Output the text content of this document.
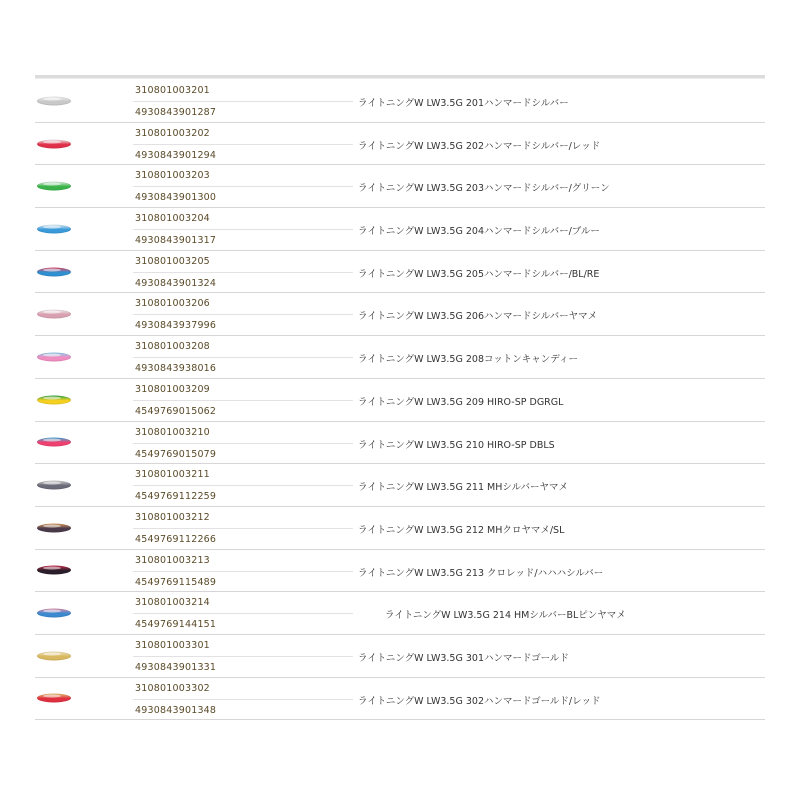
310801003201
4930843901287
ライトニングW LW3.5G 201ハンマードシルバー
310801003202
4930843901294
ライトニングW LW3.5G 202ハンマードシルバー/レッド
310801003203
4930843901300
ライトニングW LW3.5G 203ハンマードシルバー/グリーン
310801003204
4930843901317
ライトニングW LW3.5G 204ハンマードシルバー/ブルー
310801003205
4930843901324
ライトニングW LW3.5G 205ハンマードシルバー/BL/RE
310801003206
4930843937996
ライトニングW LW3.5G 206ハンマードシルバーヤマメ
310801003208
4930843938016
ライトニングW LW3.5G 208コットンキャンディー
310801003209
4549769015062
ライトニングW LW3.5G 209 HIRO-SP DGRGL
310801003210
4549769015079
ライトニングW LW3.5G 210 HIRO-SP DBLS
310801003211
4549769112259
ライトニングW LW3.5G 211 MHシルバーヤマメ
310801003212
4549769112266
ライトニングW LW3.5G 212 MHクロヤマメ/SL
310801003213
4549769115489
ライトニングW LW3.5G 213 クロレッド/ハハハシルバー
310801003214
4549769144151
ライトニングW LW3.5G 214 HMシルバーBLピンヤマメ
310801003301
4930843901331
ライトニングW LW3.5G 301ハンマードゴールド
310801003302
4930843901348
ライトニングW LW3.5G 302ハンマードゴールド/レッド
